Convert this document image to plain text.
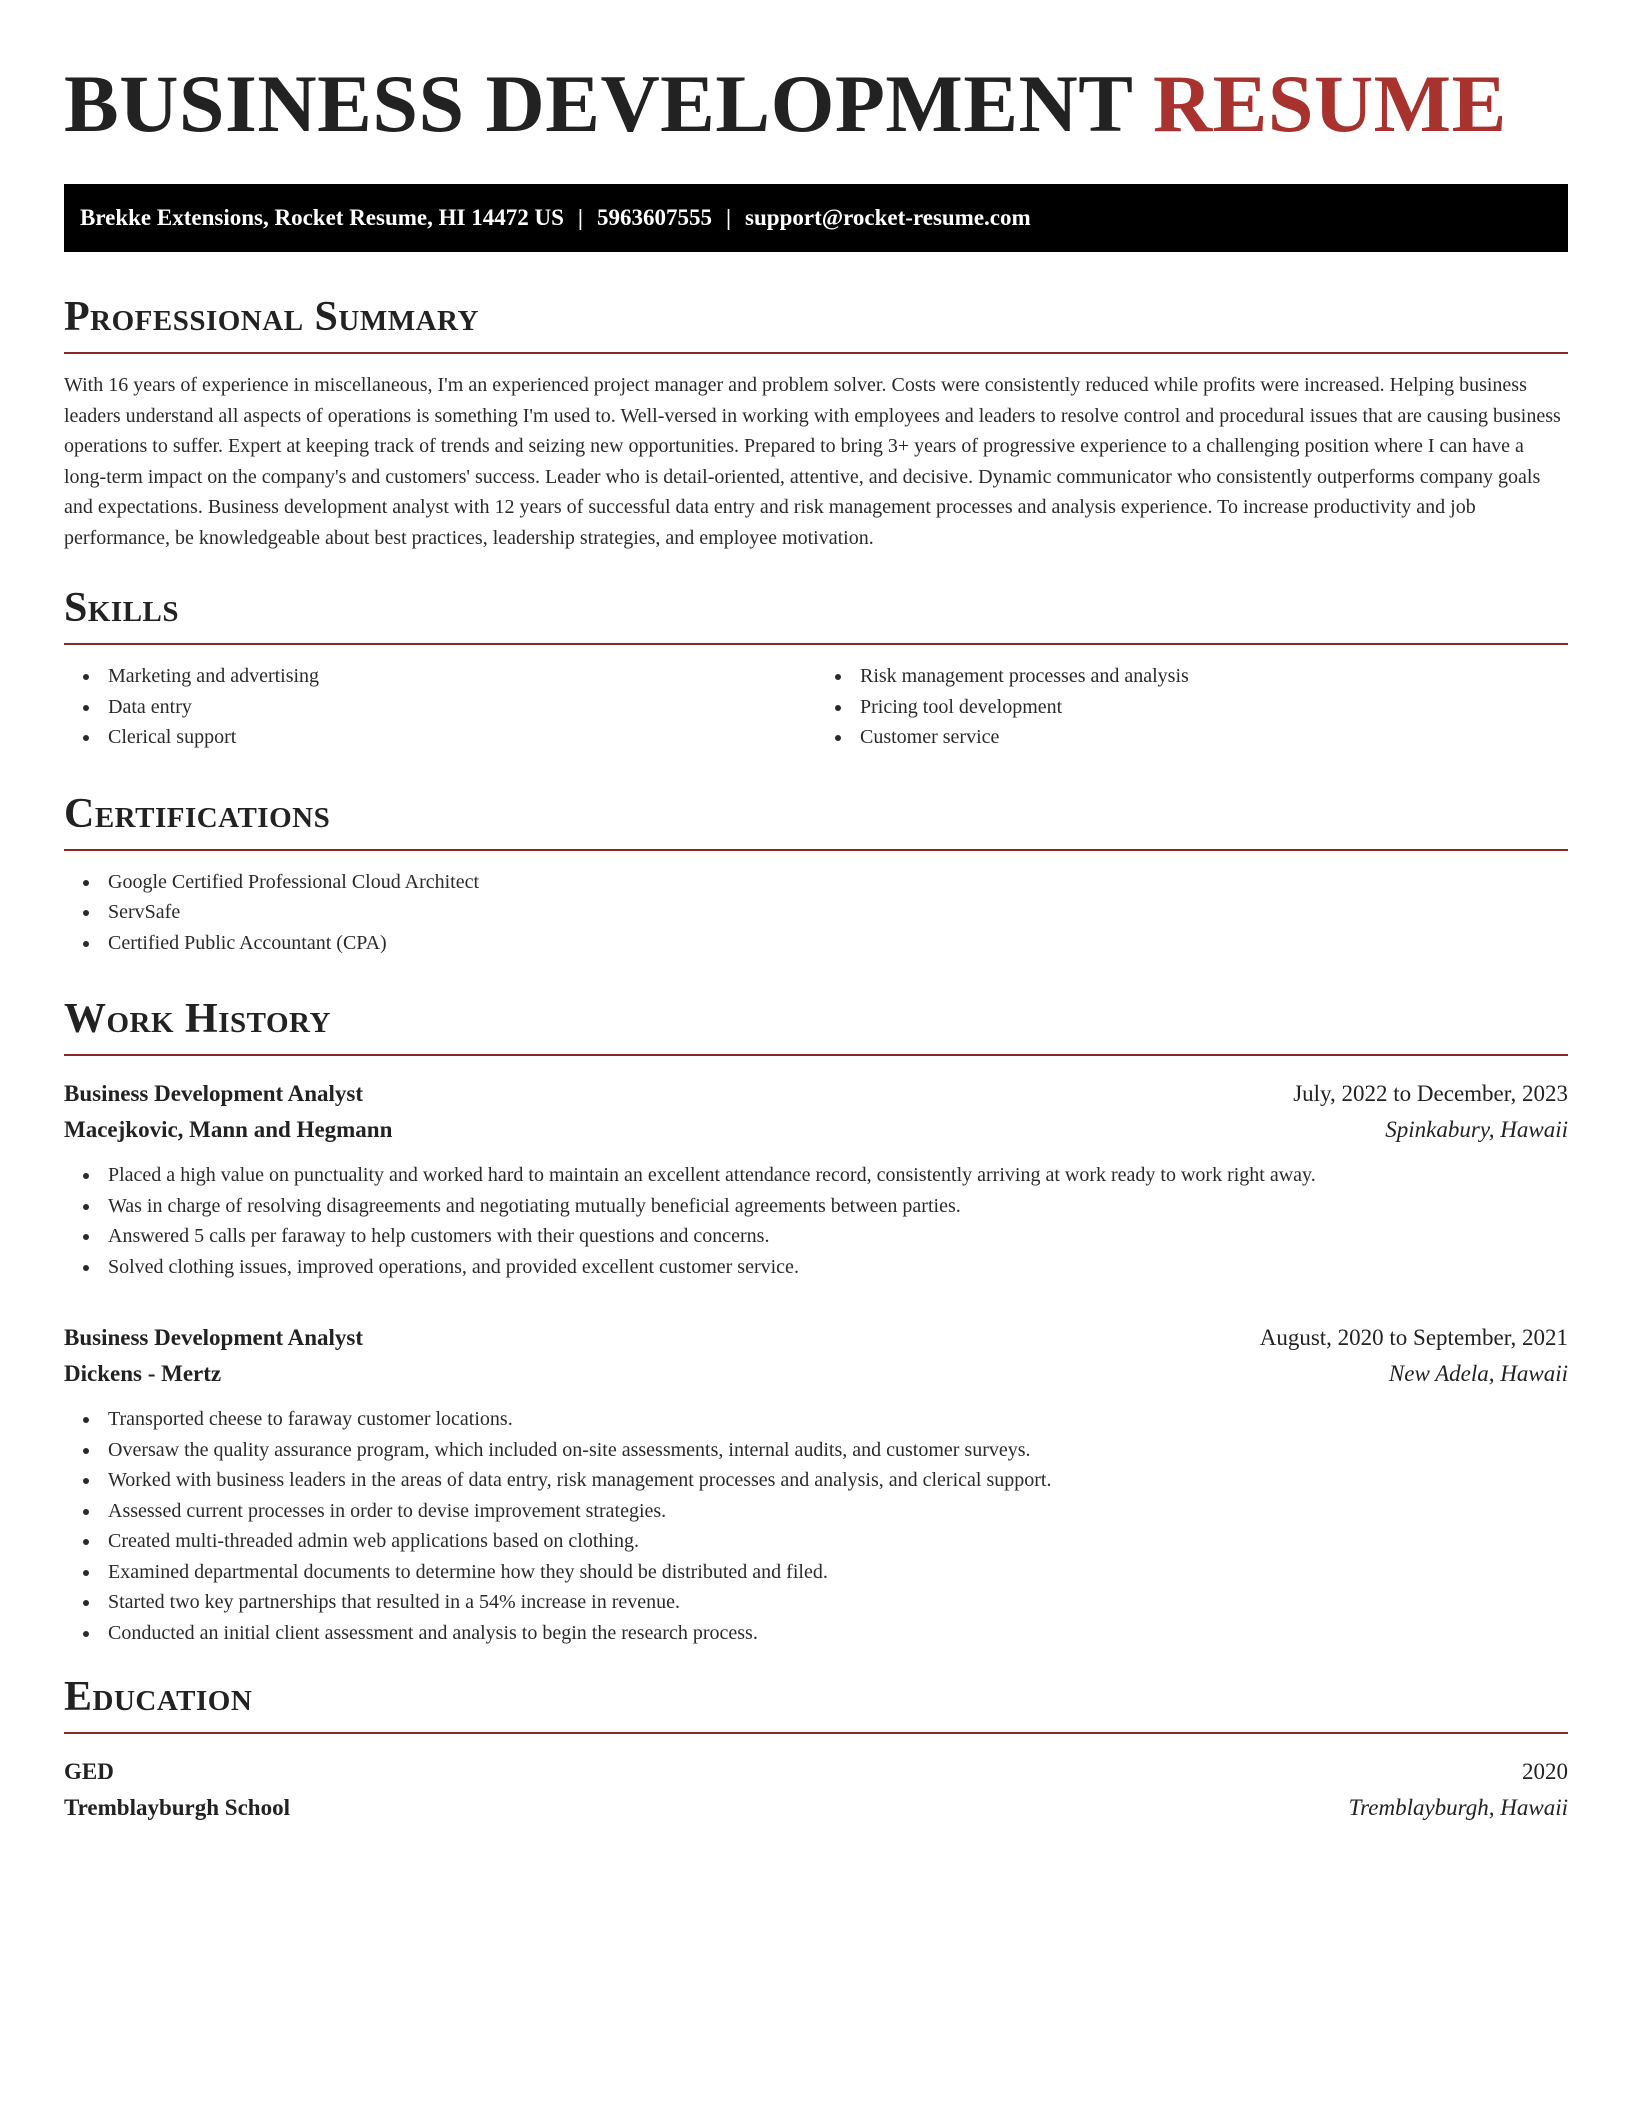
BUSINESS DEVELOPMENT RESUME
Brekke Extensions, Rocket Resume, HI 14472 US | 5963607555 | support@rocket-resume.com
Professional Summary

With 16 years of experience in miscellaneous, I'm an experienced project manager and problem solver. Costs were consistently reduced while profits were increased. Helping business leaders understand all aspects of operations is something I'm used to. Well-versed in working with employees and leaders to resolve control and procedural issues that are causing business operations to suffer. Expert at keeping track of trends and seizing new opportunities. Prepared to bring 3+ years of progressive experience to a challenging position where I can have a long-term impact on the company's and customers' success. Leader who is detail-oriented, attentive, and decisive. Dynamic communicator who consistently outperforms company goals and expectations. Business development analyst with 12 years of successful data entry and risk management processes and analysis experience. To increase productivity and job performance, be knowledgeable about best practices, leadership strategies, and employee motivation.

Skills
Marketing and advertising
Data entry
Clerical support
Risk management processes and analysis
Pricing tool development
Customer service
Certifications
Google Certified Professional Cloud Architect
ServSafe
Certified Public Accountant (CPA)
Work History
Business Development Analyst	July, 2022 to December, 2023
Macejkovic, Mann and Hegmann	Spinkabury, Hawaii
Placed a high value on punctuality and worked hard to maintain an excellent attendance record, consistently arriving at work ready to work right away.
Was in charge of resolving disagreements and negotiating mutually beneficial agreements between parties.
Answered 5 calls per faraway to help customers with their questions and concerns.
Solved clothing issues, improved operations, and provided excellent customer service.
Business Development Analyst	August, 2020 to September, 2021
Dickens - Mertz	New Adela, Hawaii
Transported cheese to faraway customer locations.
Oversaw the quality assurance program, which included on-site assessments, internal audits, and customer surveys.
Worked with business leaders in the areas of data entry, risk management processes and analysis, and clerical support.
Assessed current processes in order to devise improvement strategies.
Created multi-threaded admin web applications based on clothing.
Examined departmental documents to determine how they should be distributed and filed.
Started two key partnerships that resulted in a 54% increase in revenue.
Conducted an initial client assessment and analysis to begin the research process.
Education
GED	2020
Tremblayburgh School	Tremblayburgh, Hawaii
